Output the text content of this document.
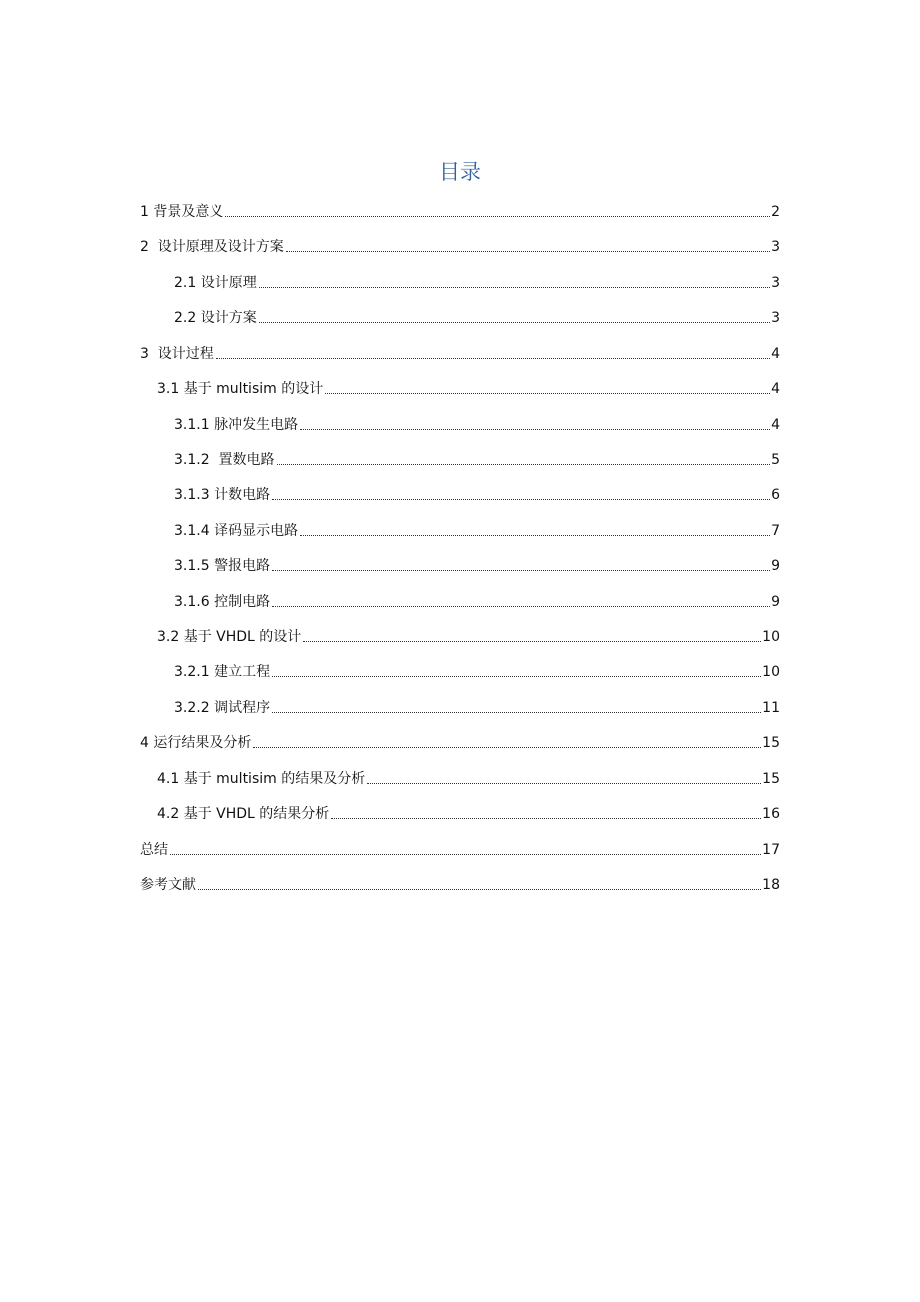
目录
1 背景及意义	2
2  设计原理及设计方案	3
2.1 设计原理	3
2.2 设计方案	3
3  设计过程	4
3.1 基于 multisim 的设计	4
3.1.1 脉冲发生电路	4
3.1.2  置数电路	5
3.1.3 计数电路	6
3.1.4 译码显示电路	7
3.1.5 警报电路	9
3.1.6 控制电路	9
3.2 基于 VHDL 的设计	10
3.2.1 建立工程	10
3.2.2 调试程序	11
4 运行结果及分析	15
4.1 基于 multisim 的结果及分析	15
4.2 基于 VHDL 的结果分析	16
总结	17
参考文献	18
